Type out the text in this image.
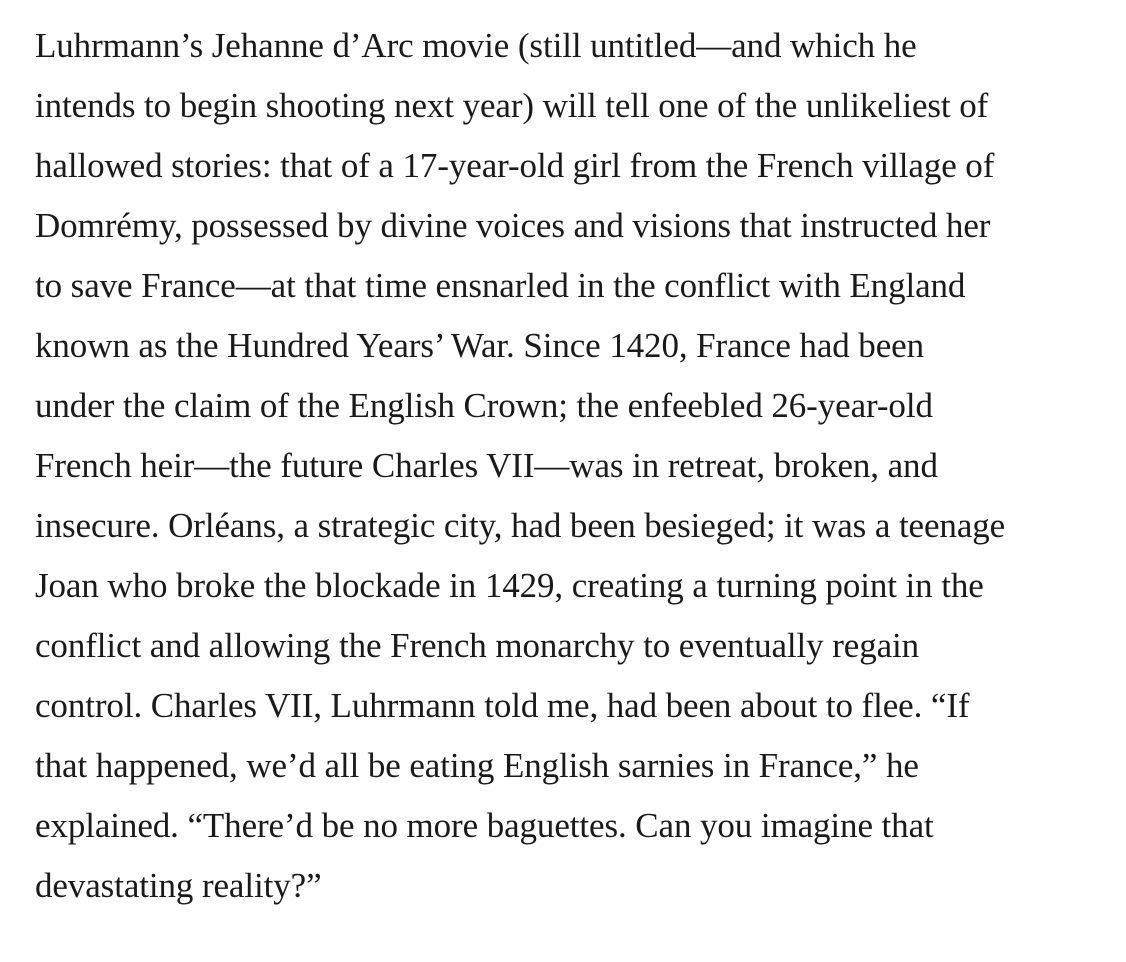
Luhrmann’s Jehanne d’Arc movie (still untitled—and which he
intends to begin shooting next year) will tell one of the unlikeliest of
hallowed stories: that of a 17-year-old girl from the French village of
Domrémy, possessed by divine voices and visions that instructed her
to save France—at that time ensnarled in the conflict with England
known as the Hundred Years’ War. Since 1420, France had been
under the claim of the English Crown; the enfeebled 26-year-old
French heir—the future Charles VII—was in retreat, broken, and
insecure. Orléans, a strategic city, had been besieged; it was a teenage
Joan who broke the blockade in 1429, creating a turning point in the
conflict and allowing the French monarchy to eventually regain
control. Charles VII, Luhrmann told me, had been about to flee. “If
that happened, we’d all be eating English sarnies in France,” he
explained. “There’d be no more baguettes. Can you imagine that
devastating reality?”
